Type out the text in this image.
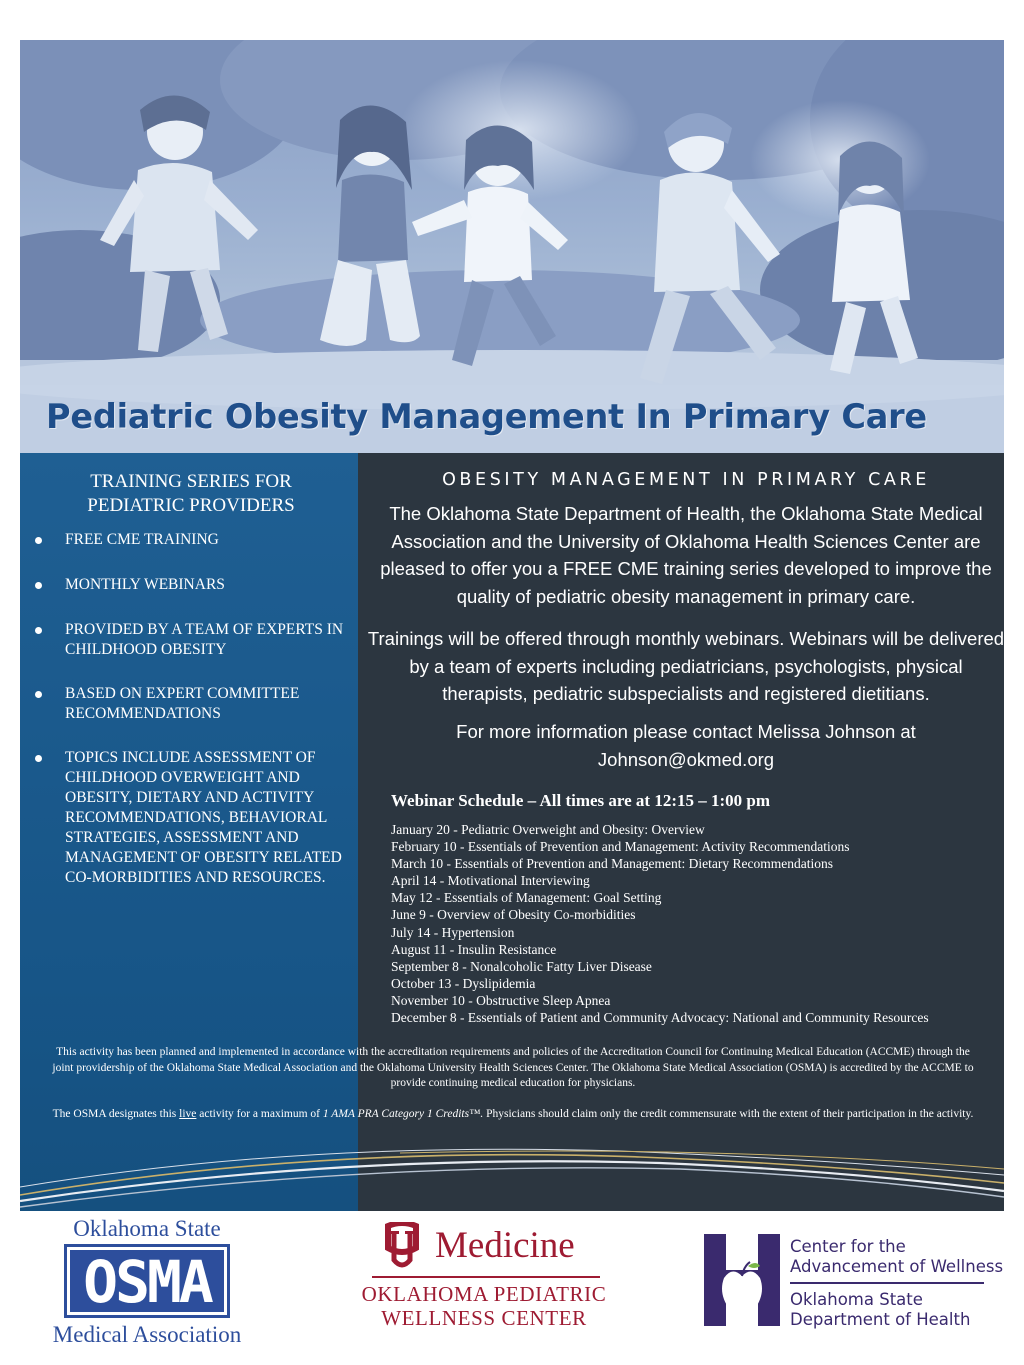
Pediatric Obesity Management In Primary Care
TRAINING SERIES FOR
PEDIATRIC PROVIDERS
FREE CME TRAINING
MONTHLY WEBINARS
PROVIDED BY A TEAM OF EXPERTS IN CHILDHOOD OBESITY
BASED ON EXPERT COMMITTEE RECOMMENDATIONS
TOPICS INCLUDE ASSESSMENT OF CHILDHOOD OVERWEIGHT AND OBESITY, DIETARY AND ACTIVITY RECOMMENDATIONS, BEHAVIORAL STRATEGIES, ASSESSMENT AND MANAGEMENT OF OBESITY RELATED CO-MORBIDITIES AND RESOURCES.
OBESITY MANAGEMENT IN PRIMARY CARE
The Oklahoma State Department of Health, the Oklahoma State Medical Association and the University of Oklahoma Health Sciences Center are pleased to offer you a FREE CME training series developed to improve the quality of pediatric obesity management in primary care.
Trainings will be offered through monthly webinars. Webinars will be delivered by a team of experts including pediatricians, psychologists, physical therapists, pediatric subspecialists and registered dietitians.
For more information please contact Melissa Johnson at
Johnson@okmed.org
Webinar Schedule – All times are at 12:15 – 1:00 pm
January 20 - Pediatric Overweight and Obesity: Overview
February 10 - Essentials of Prevention and Management: Activity Recommendations
March 10 - Essentials of Prevention and Management: Dietary Recommendations
April 14 - Motivational Interviewing
May 12 - Essentials of Management: Goal Setting
June 9 - Overview of Obesity Co-morbidities
July 14 - Hypertension
August 11 - Insulin Resistance
September 8 - Nonalcoholic Fatty Liver Disease
October 13 - Dyslipidemia
November 10 - Obstructive Sleep Apnea
December 8 - Essentials of Patient and Community Advocacy: National and Community Resources
This activity has been planned and implemented in accordance with the accreditation requirements and policies of the Accreditation Council for Continuing Medical Education (ACCME) through the joint providership of the Oklahoma State Medical Association and the Oklahoma University Health Sciences Center. The Oklahoma State Medical Association (OSMA) is accredited by the ACCME to provide continuing medical education for physicians.
The OSMA designates this live activity for a maximum of 1 AMA PRA Category 1 Credits™. Physicians should claim only the credit commensurate with the extent of their participation in the activity.
Oklahoma State
OSMA
Medical Association
Medicine
OKLAHOMA PEDIATRIC
WELLNESS CENTER
Center for the
Advancement of Wellness
Oklahoma State
Department of Health
